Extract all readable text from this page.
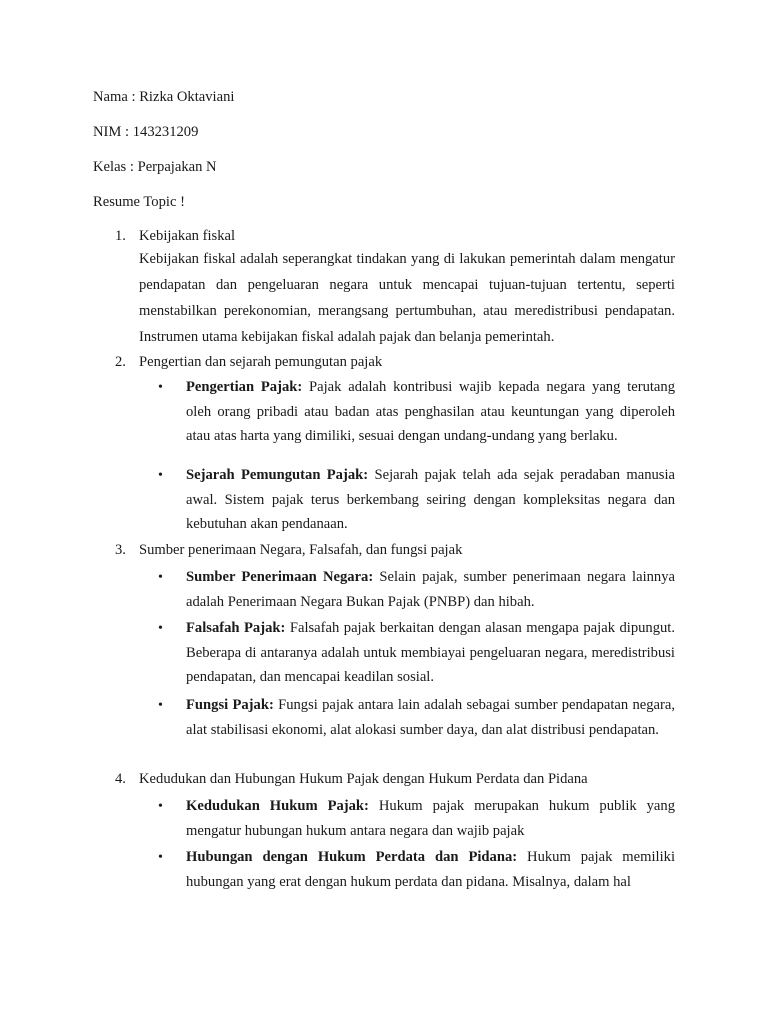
Nama : Rizka Oktaviani
NIM : 143231209
Kelas : Perpajakan N
Resume Topic !
1. Kebijakan fiskal

Kebijakan fiskal adalah seperangkat tindakan yang di lakukan pemerintah dalam mengatur pendapatan dan pengeluaran negara untuk mencapai tujuan-tujuan tertentu, seperti menstabilkan perekonomian, merangsang pertumbuhan, atau meredistribusi pendapatan. Instrumen utama kebijakan fiskal adalah pajak dan belanja pemerintah.

2. Pengertian dan sejarah pemungutan pajak
• Pengertian Pajak: Pajak adalah kontribusi wajib kepada negara yang terutang oleh orang pribadi atau badan atas penghasilan atau keuntungan yang diperoleh atau atas harta yang dimiliki, sesuai dengan undang-undang yang berlaku.

• Sejarah Pemungutan Pajak: Sejarah pajak telah ada sejak peradaban manusia awal. Sistem pajak terus berkembang seiring dengan kompleksitas negara dan kebutuhan akan pendanaan.

3. Sumber penerimaan Negara, Falsafah, dan fungsi pajak
• Sumber Penerimaan Negara: Selain pajak, sumber penerimaan negara lainnya adalah Penerimaan Negara Bukan Pajak (PNBP) dan hibah.

• Falsafah Pajak: Falsafah pajak berkaitan dengan alasan mengapa pajak dipungut. Beberapa di antaranya adalah untuk membiayai pengeluaran negara, meredistribusi pendapatan, dan mencapai keadilan sosial.

• Fungsi Pajak: Fungsi pajak antara lain adalah sebagai sumber pendapatan negara, alat stabilisasi ekonomi, alat alokasi sumber daya, dan alat distribusi pendapatan.

4. Kedudukan dan Hubungan Hukum Pajak dengan Hukum Perdata dan Pidana
• Kedudukan Hukum Pajak: Hukum pajak merupakan hukum publik yang mengatur hubungan hukum antara negara dan wajib pajak

• Hubungan dengan Hukum Perdata dan Pidana: Hukum pajak memiliki hubungan yang erat dengan hukum perdata dan pidana. Misalnya, dalam hal
